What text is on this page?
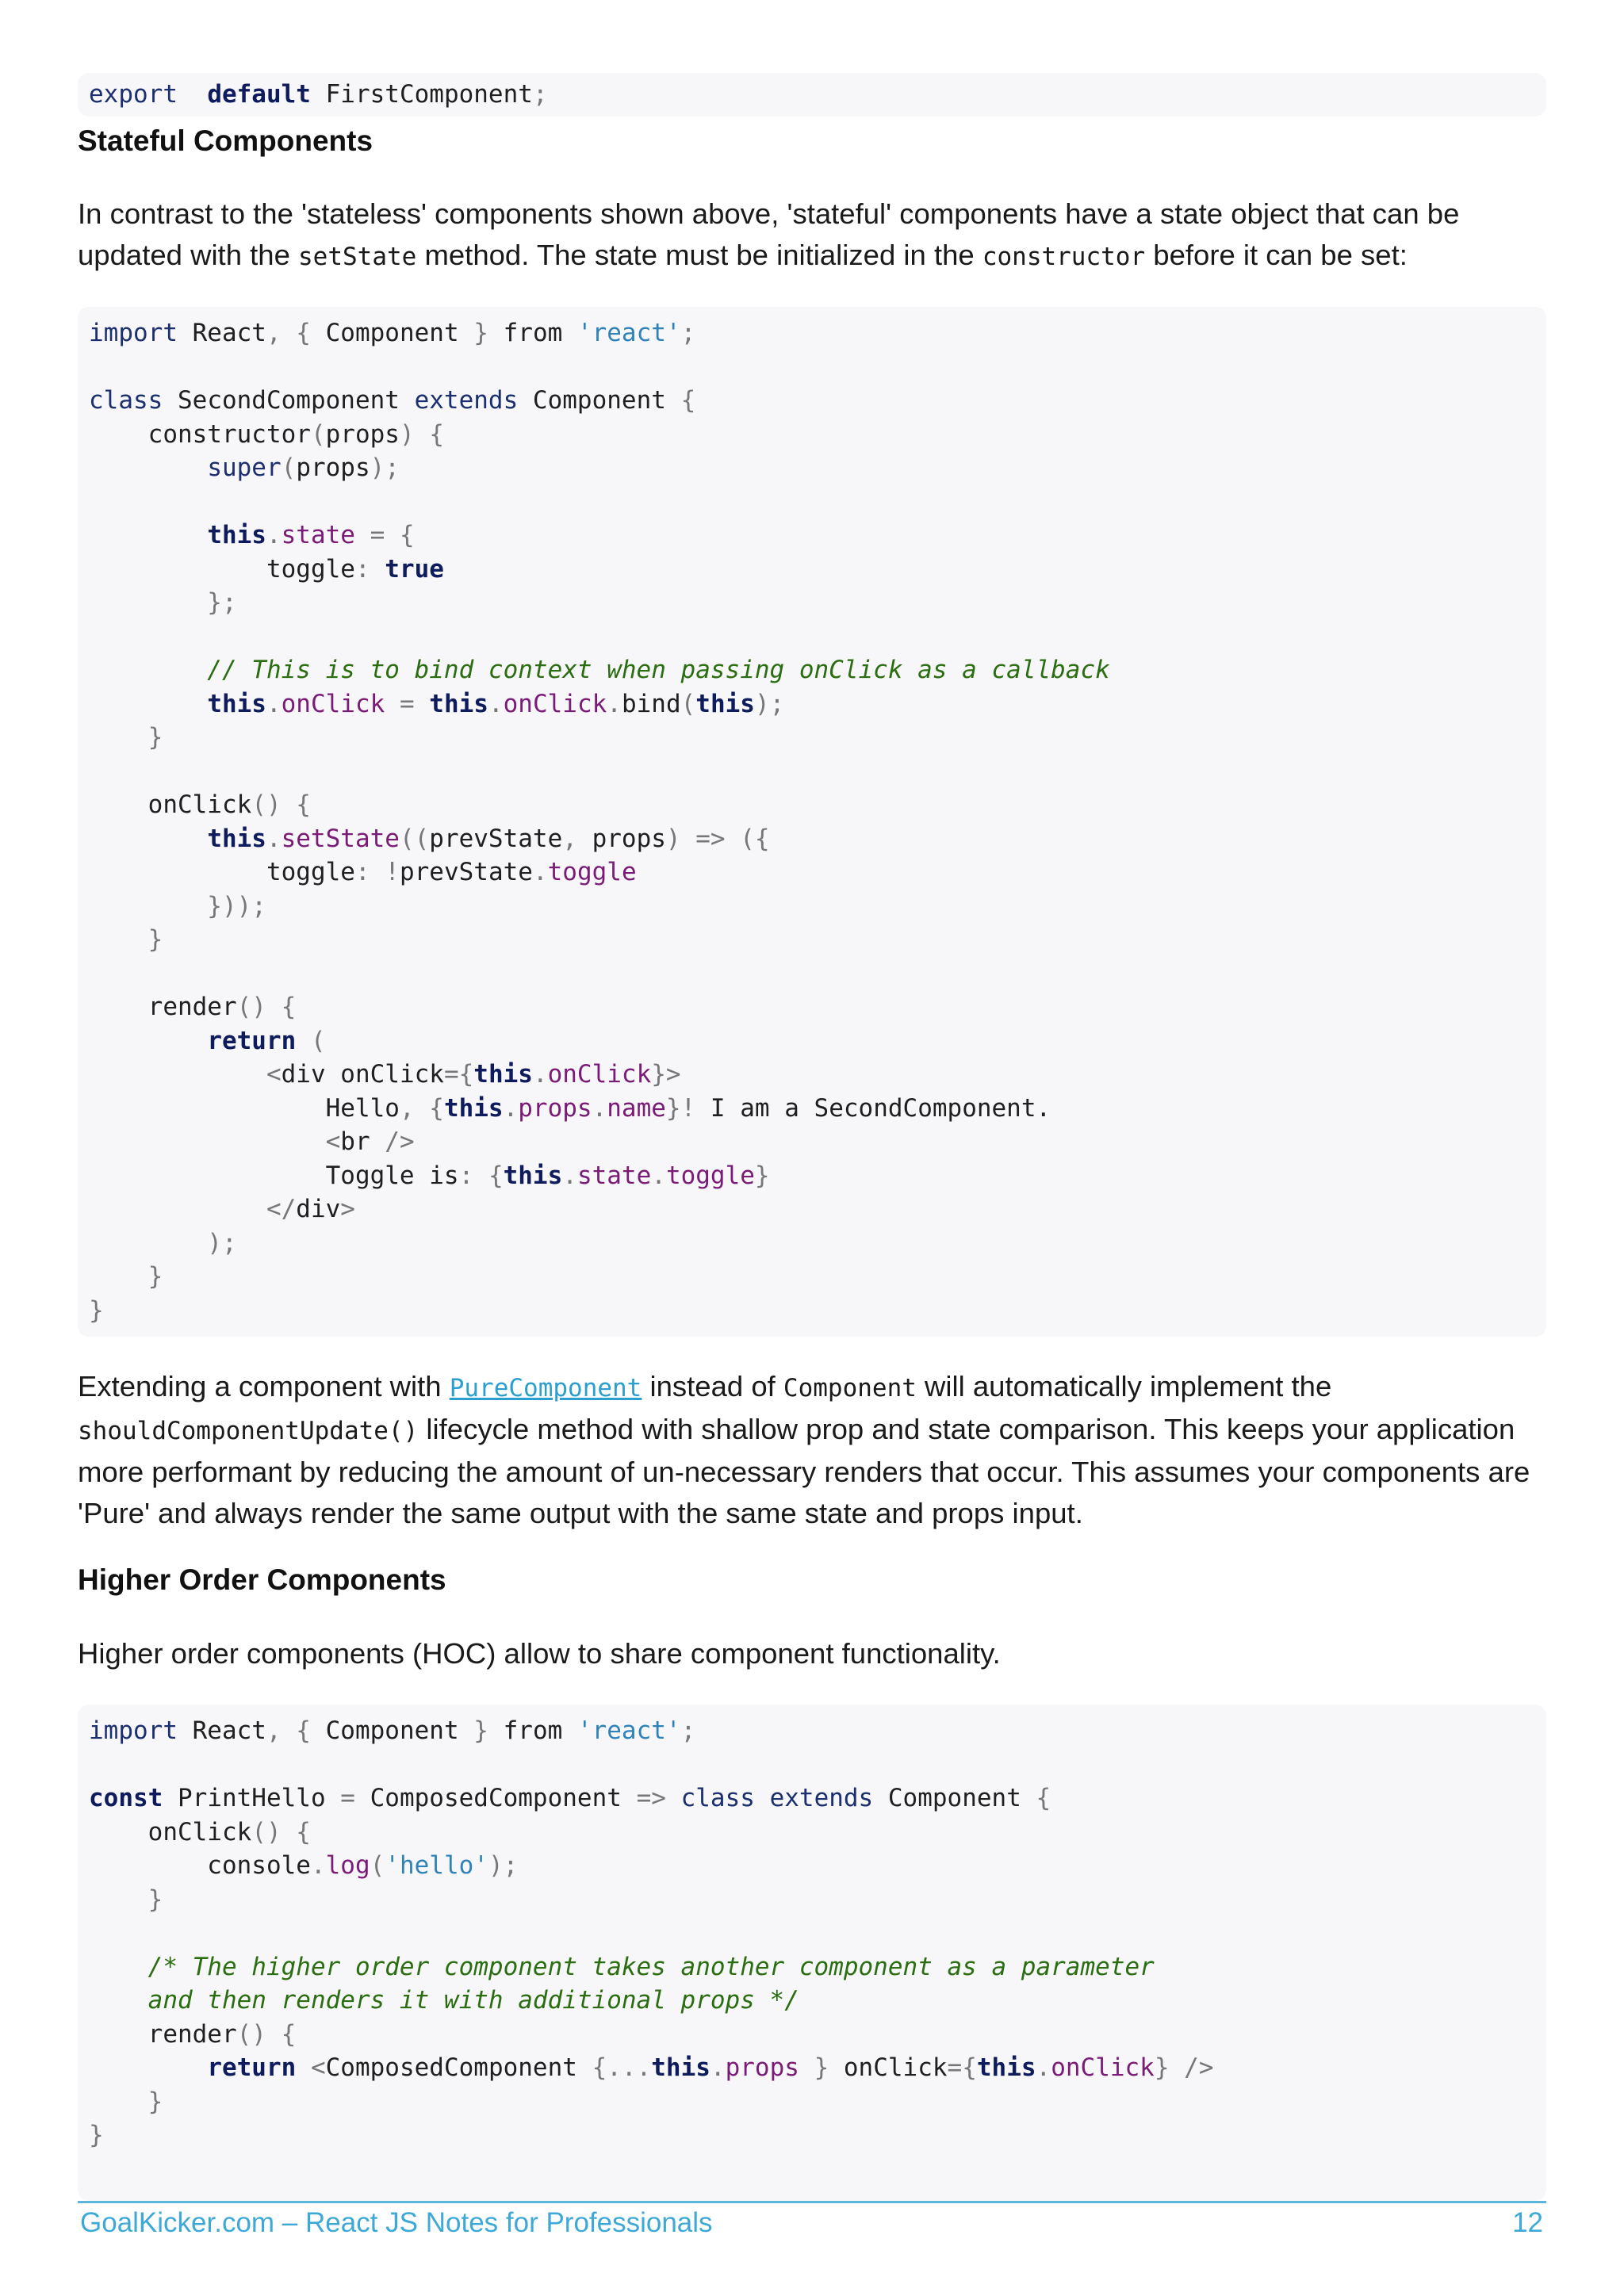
export default FirstComponent;
Stateful Components

In contrast to the 'stateless' components shown above, 'stateful' components have a state object that can be updated with the setState method. The state must be initialized in the constructor before it can be set:

import React, { Component } from 'react';
class SecondComponent extends Component {
constructor(props) {
super(props);
this.state = {
toggle: true
};
// This is to bind context when passing onClick as a callback
this.onClick = this.onClick.bind(this);
}
onClick() {
this.setState((prevState, props) => ({
toggle: !prevState.toggle
}));
}
render() {
return (
<div onClick={this.onClick}>
Hello, {this.props.name}! I am a SecondComponent.
<br />
Toggle is: {this.state.toggle}
</div>
);
}
}

Extending a component with PureComponent instead of Component will automatically implement the shouldComponentUpdate() lifecycle method with shallow prop and state comparison. This keeps your application more performant by reducing the amount of un-necessary renders that occur. This assumes your components are 'Pure' and always render the same output with the same state and props input.

Higher Order Components

Higher order components (HOC) allow to share component functionality.

import React, { Component } from 'react';
const PrintHello = ComposedComponent => class extends Component {
onClick() {
console.log('hello');
}
/* The higher order component takes another component as a parameter
and then renders it with additional props */
render() {
return <ComposedComponent {...this.props } onClick={this.onClick} />
}
}
GoalKicker.com – React JS Notes for Professionals	12
